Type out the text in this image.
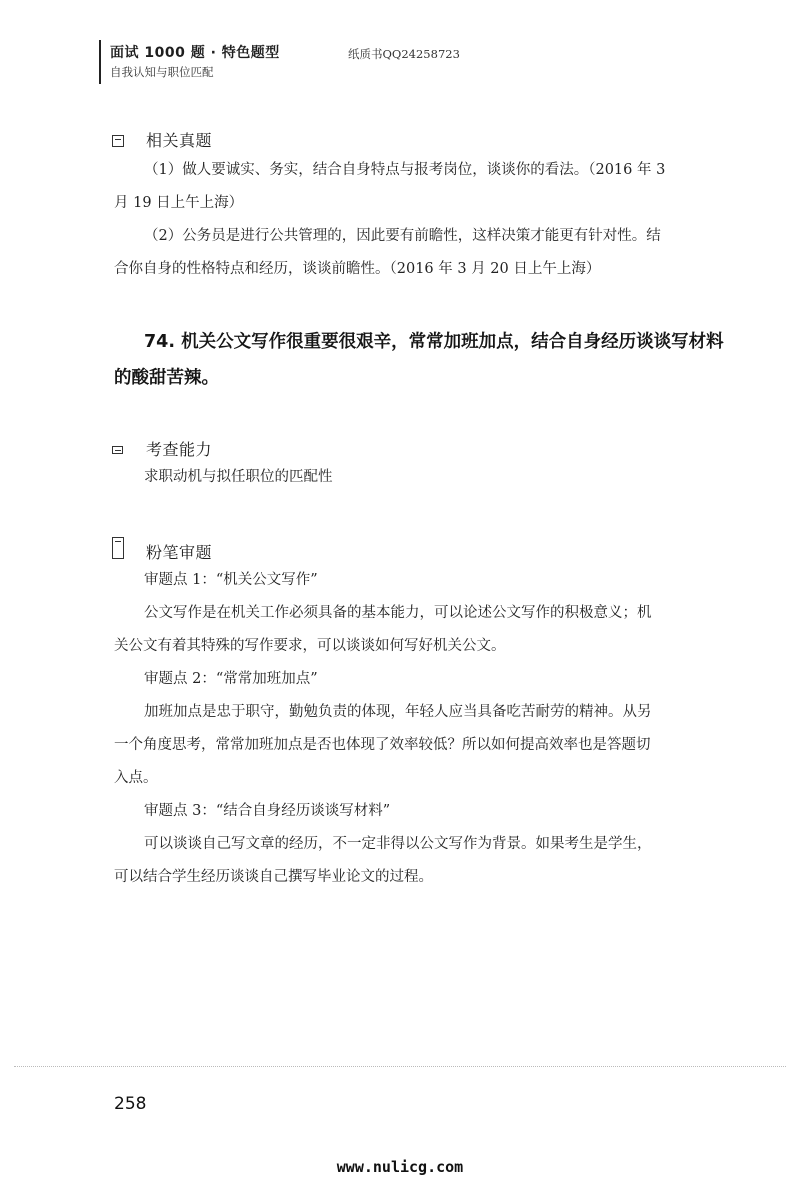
面试 1000 题 · 特色题型
自我认知与职位匹配
纸质书QQ24258723
相关真题
（1）做人要诚实、务实，结合自身特点与报考岗位，谈谈你的看法。（2016 年 3
月 19 日上午上海）
（2）公务员是进行公共管理的，因此要有前瞻性，这样决策才能更有针对性。结
合你自身的性格特点和经历，谈谈前瞻性。（2016 年 3 月 20 日上午上海）
74. 机关公文写作很重要很艰辛，常常加班加点，结合自身经历谈谈写材料
的酸甜苦辣。
考查能力
求职动机与拟任职位的匹配性
粉笔审题
审题点 1：“机关公文写作”
公文写作是在机关工作必须具备的基本能力，可以论述公文写作的积极意义；机
关公文有着其特殊的写作要求，可以谈谈如何写好机关公文。
审题点 2：“常常加班加点”
加班加点是忠于职守，勤勉负责的体现，年轻人应当具备吃苦耐劳的精神。从另
一个角度思考，常常加班加点是否也体现了效率较低？所以如何提高效率也是答题切
入点。
审题点 3：“结合自身经历谈谈写材料”
可以谈谈自己写文章的经历，不一定非得以公文写作为背景。如果考生是学生，
可以结合学生经历谈谈自己撰写毕业论文的过程。
258
www.nulicg.com
